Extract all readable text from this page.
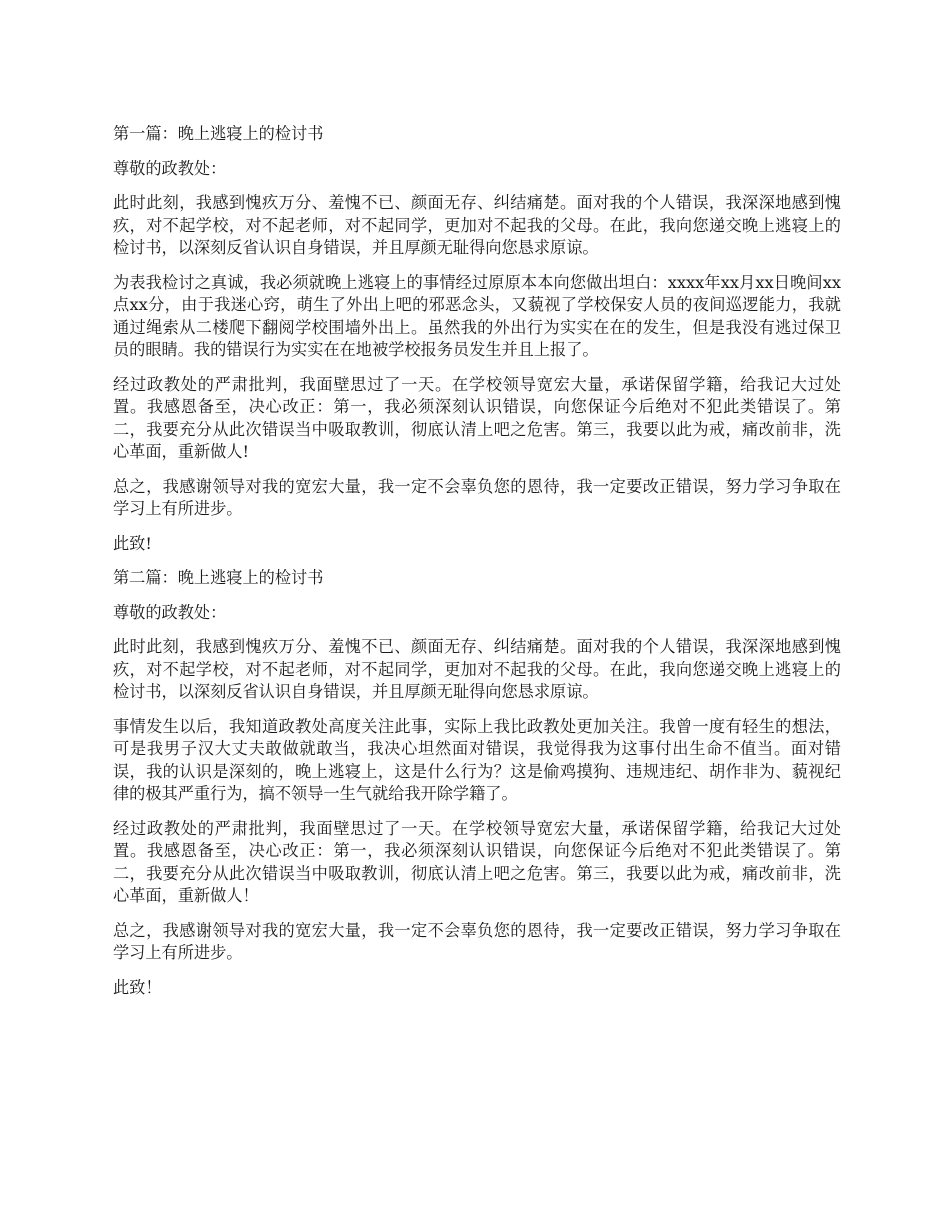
第一篇：晚上逃寝上的检讨书

尊敬的政教处：

此时此刻，我感到愧疚万分、羞愧不已、颜面无存、纠结痛楚。面对我的个人错误，我深深地感到愧疚，对不起学校，对不起老师，对不起同学，更加对不起我的父母。在此，我向您递交晚上逃寝上的检讨书，以深刻反省认识自身错误，并且厚颜无耻得向您恳求原谅。

为表我检讨之真诚，我必须就晚上逃寝上的事情经过原原本本向您做出坦白：xxxx年xx月xx日晚间xx点xx分，由于我迷心窍，萌生了外出上吧的邪恶念头，又藐视了学校保安人员的夜间巡逻能力，我就通过绳索从二楼爬下翻阅学校围墙外出上。虽然我的外出行为实实在在的发生，但是我没有逃过保卫员的眼睛。我的错误行为实实在在地被学校报务员发生并且上报了。

经过政教处的严肃批判，我面壁思过了一天。在学校领导宽宏大量，承诺保留学籍，给我记大过处置。我感恩备至，决心改正：第一，我必须深刻认识错误，向您保证今后绝对不犯此类错误了。第二，我要充分从此次错误当中吸取教训，彻底认清上吧之危害。第三，我要以此为戒，痛改前非，洗心革面，重新做人!

总之，我感谢领导对我的宽宏大量，我一定不会辜负您的恩待，我一定要改正错误，努力学习争取在学习上有所进步。

此致!

第二篇：晚上逃寝上的检讨书

尊敬的政教处：

此时此刻，我感到愧疚万分、羞愧不已、颜面无存、纠结痛楚。面对我的个人错误，我深深地感到愧疚，对不起学校，对不起老师，对不起同学，更加对不起我的父母。在此，我向您递交晚上逃寝上的检讨书，以深刻反省认识自身错误，并且厚颜无耻得向您恳求原谅。

事情发生以后，我知道政教处高度关注此事，实际上我比政教处更加关注。我曾一度有轻生的想法，可是我男子汉大丈夫敢做就敢当，我决心坦然面对错误，我觉得我为这事付出生命不值当。面对错误，我的认识是深刻的，晚上逃寝上，这是什么行为？这是偷鸡摸狗、违规违纪、胡作非为、藐视纪律的极其严重行为，搞不领导一生气就给我开除学籍了。

经过政教处的严肃批判，我面壁思过了一天。在学校领导宽宏大量，承诺保留学籍，给我记大过处置。我感恩备至，决心改正：第一，我必须深刻认识错误，向您保证今后绝对不犯此类错误了。第二，我要充分从此次错误当中吸取教训，彻底认清上吧之危害。第三，我要以此为戒，痛改前非，洗心革面，重新做人！

总之，我感谢领导对我的宽宏大量，我一定不会辜负您的恩待，我一定要改正错误，努力学习争取在学习上有所进步。

此致！
